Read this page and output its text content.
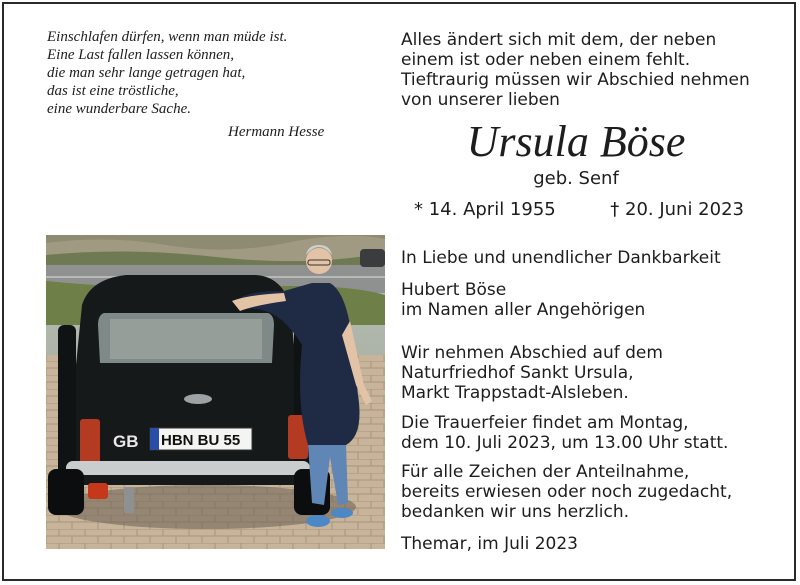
Einschlafen dürfen, wenn man müde ist.
Eine Last fallen lassen können,
die man sehr lange getragen hat,
das ist eine tröstliche,
eine wunderbare Sache.
Hermann Hesse
Alles ändert sich mit dem, der neben
einem ist oder neben einem fehlt.
Tieftraurig müssen wir Abschied nehmen
von unserer lieben
Ursula Böse
geb. Senf
* 14. April 1955	† 20. Juni 2023
GB HBN BU 55
In Liebe und unendlicher Dankbarkeit
Hubert Böse
im Namen aller Angehörigen
Wir nehmen Abschied auf dem
Naturfriedhof Sankt Ursula,
Markt Trappstadt-Alsleben.
Die Trauerfeier findet am Montag,
dem 10. Juli 2023, um 13.00 Uhr statt.
Für alle Zeichen der Anteilnahme,
bereits erwiesen oder noch zugedacht,
bedanken wir uns herzlich.
Themar, im Juli 2023
